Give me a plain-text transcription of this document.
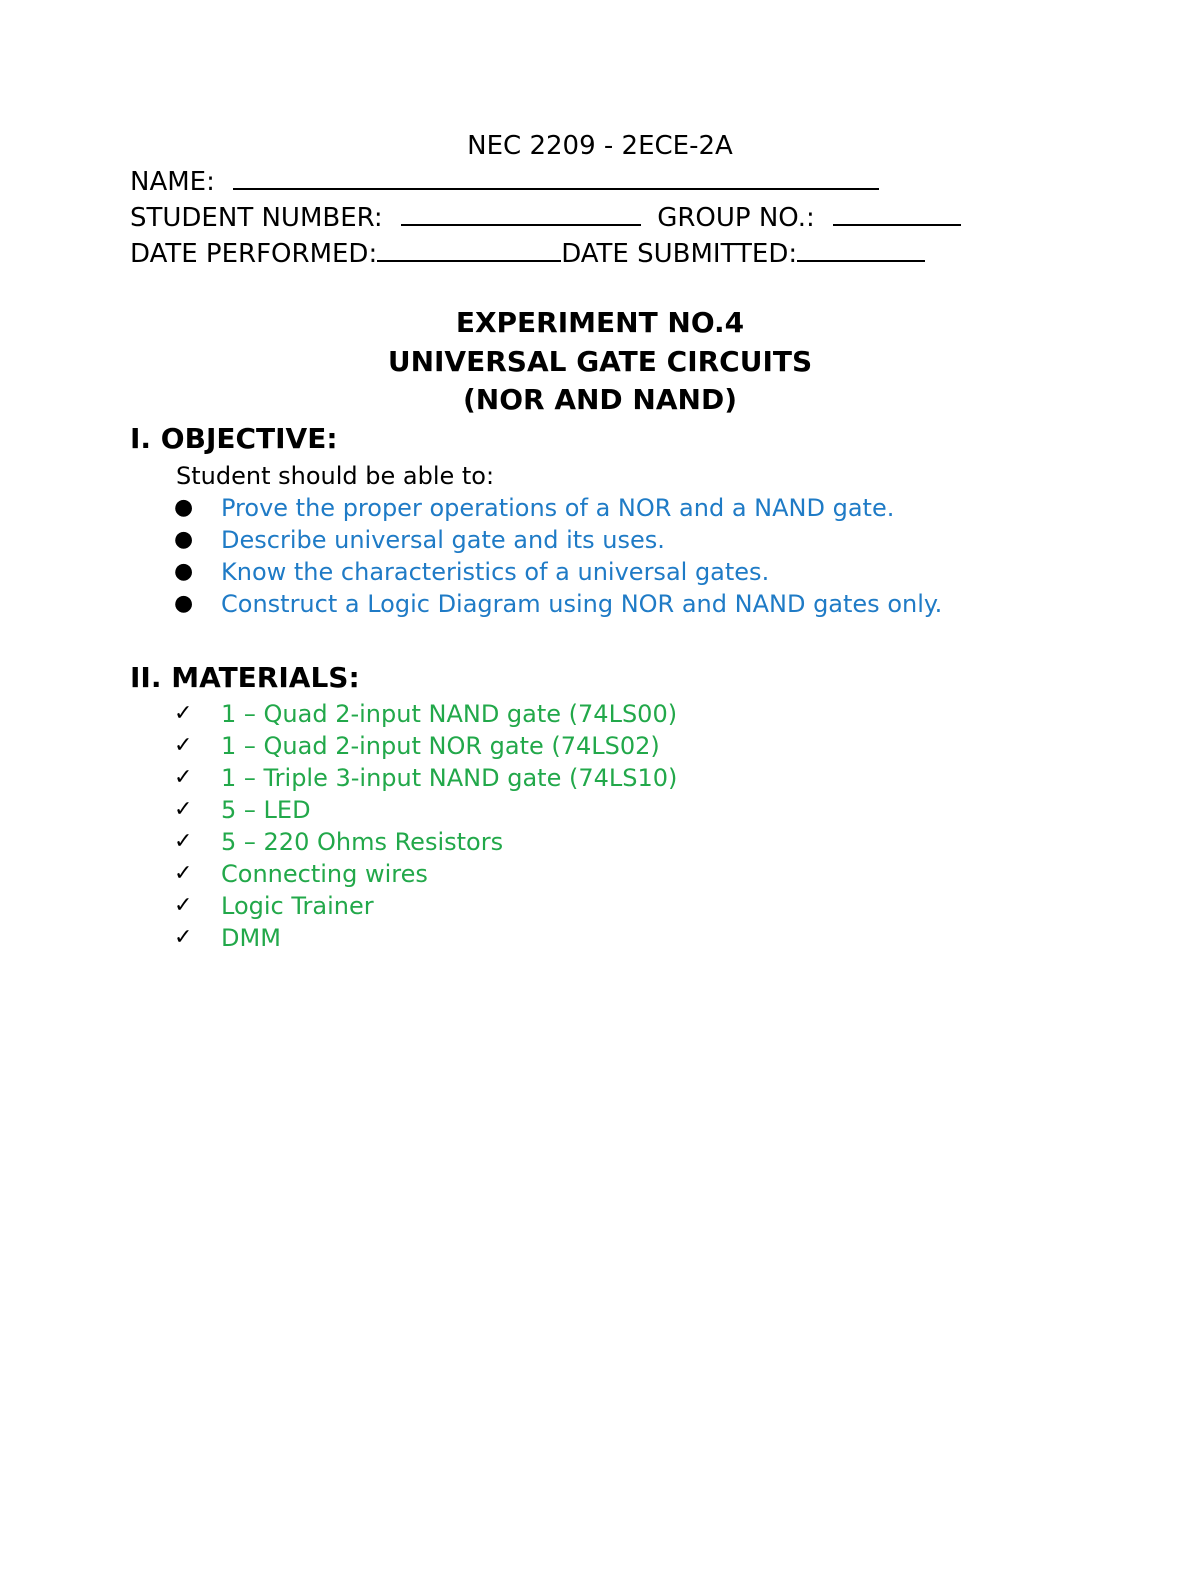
NEC 2209 - 2ECE-2A
NAME:
STUDENT NUMBER:	GROUP NO.:
DATE PERFORMED:	DATE SUBMITTED:
EXPERIMENT NO.4
UNIVERSAL GATE CIRCUITS
(NOR AND NAND)
I. OBJECTIVE:
Student should be able to:
● Prove the proper operations of a NOR and a NAND gate.
● Describe universal gate and its uses.
● Know the characteristics of a universal gates.
● Construct a Logic Diagram using NOR and NAND gates only.
II. MATERIALS:
✓ 1 – Quad 2-input NAND gate (74LS00)
✓ 1 – Quad 2-input NOR gate (74LS02)
✓ 1 – Triple 3-input NAND gate (74LS10)
✓ 5 – LED
✓ 5 – 220 Ohms Resistors
✓ Connecting wires
✓ Logic Trainer
✓ DMM
